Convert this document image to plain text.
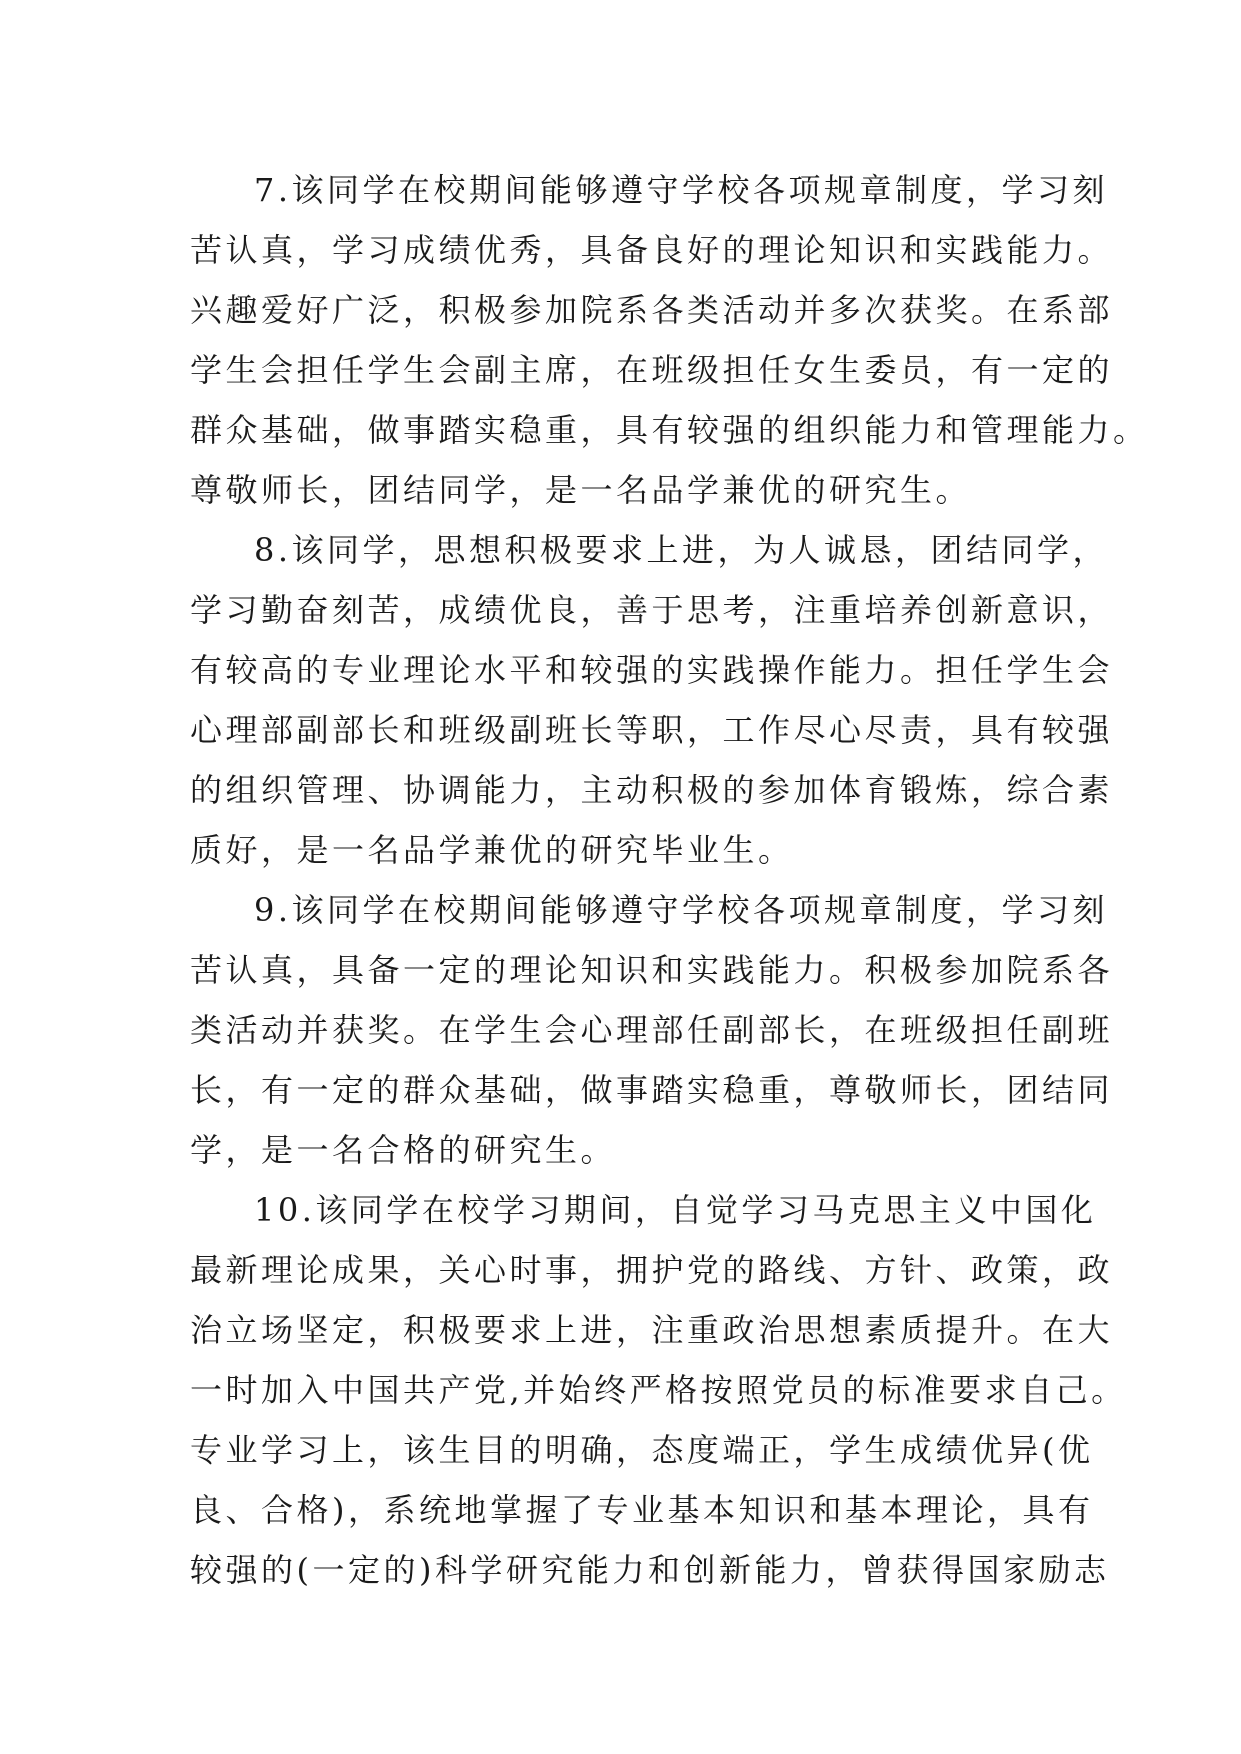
7.该同学在校期间能够遵守学校各项规章制度，学习刻
苦认真，学习成绩优秀，具备良好的理论知识和实践能力。
兴趣爱好广泛，积极参加院系各类活动并多次获奖。在系部
学生会担任学生会副主席，在班级担任女生委员，有一定的
群众基础，做事踏实稳重，具有较强的组织能力和管理能力。
尊敬师长，团结同学，是一名品学兼优的研究生。
8.该同学，思想积极要求上进，为人诚恳，团结同学，
学习勤奋刻苦，成绩优良，善于思考，注重培养创新意识，
有较高的专业理论水平和较强的实践操作能力。担任学生会
心理部副部长和班级副班长等职，工作尽心尽责，具有较强
的组织管理、协调能力，主动积极的参加体育锻炼，综合素
质好，是一名品学兼优的研究毕业生。
9.该同学在校期间能够遵守学校各项规章制度，学习刻
苦认真，具备一定的理论知识和实践能力。积极参加院系各
类活动并获奖。在学生会心理部任副部长，在班级担任副班
长，有一定的群众基础，做事踏实稳重，尊敬师长，团结同
学，是一名合格的研究生。
10.该同学在校学习期间，自觉学习马克思主义中国化
最新理论成果，关心时事，拥护党的路线、方针、政策，政
治立场坚定，积极要求上进，注重政治思想素质提升。在大
一时加入中国共产党,并始终严格按照党员的标准要求自己。
专业学习上，该生目的明确，态度端正，学生成绩优异(优
良、合格)，系统地掌握了专业基本知识和基本理论，具有
较强的(一定的)科学研究能力和创新能力，曾获得国家励志
